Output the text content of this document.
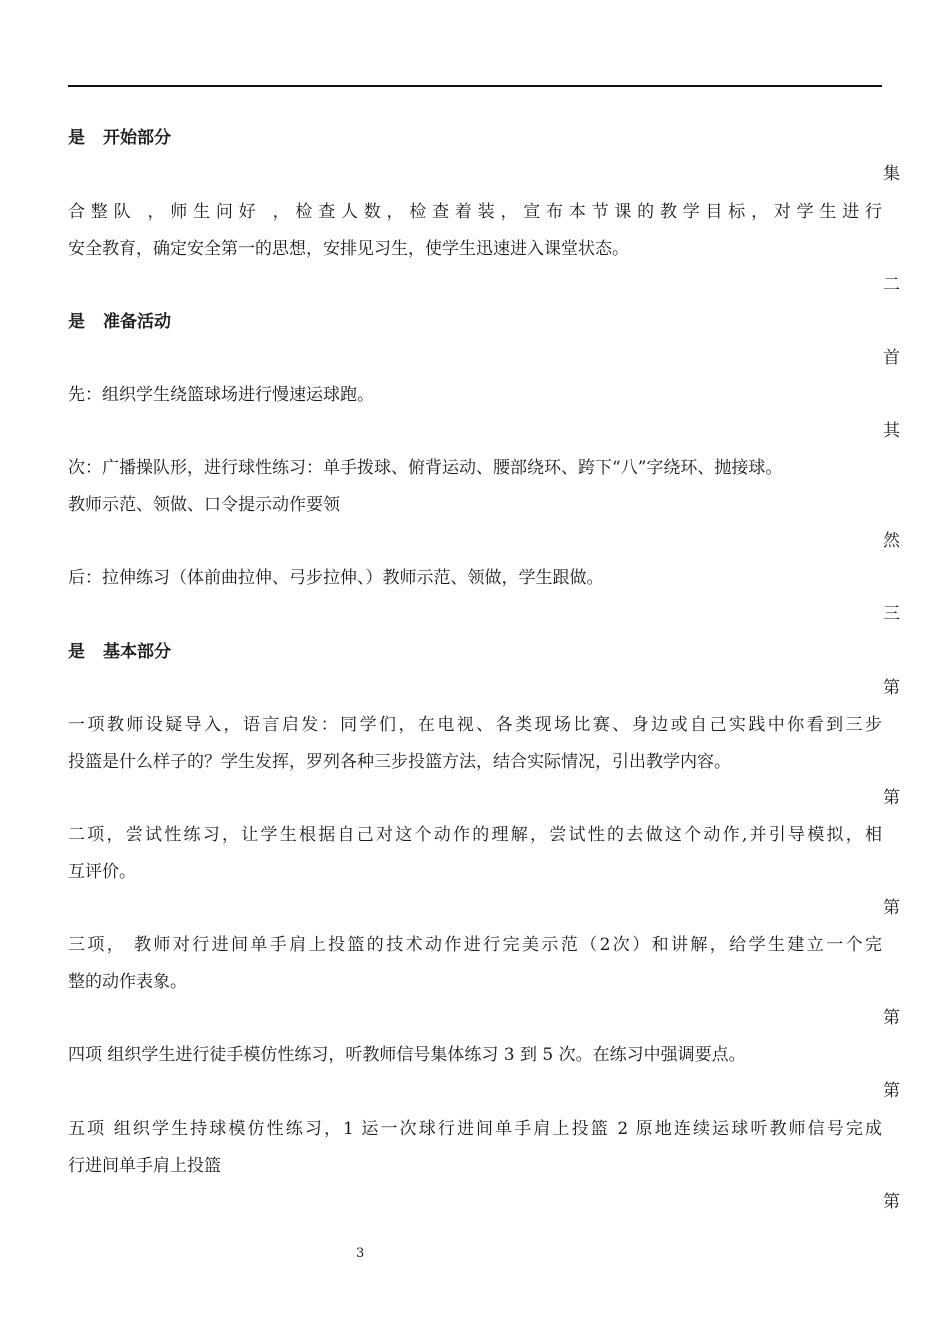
是 开始部分
集
合整队 ，师生问好 ，检查人数，检查着装，宣布本节课的教学目标，对学生进行
安全教育，确定安全第一的思想，安排见习生，使学生迅速进入课堂状态。
二
是 准备活动
首
先：组织学生绕篮球场进行慢速运球跑。
其
次：广播操队形，进行球性练习：单手拨球、俯背运动、腰部绕环、跨下“八”字绕环、抛接球。
教师示范、领做、口令提示动作要领
然
后：拉伸练习（体前曲拉伸、弓步拉伸、）教师示范、领做，学生跟做。
三
是 基本部分
第
一项教师设疑导入，语言启发：同学们，在电视、各类现场比赛、身边或自己实践中你看到三步
投篮是什么样子的？学生发挥，罗列各种三步投篮方法，结合实际情况，引出教学内容。
第
二项，尝试性练习，让学生根据自己对这个动作的理解，尝试性的去做这个动作,并引导模拟，相
互评价。
第
三项， 教师对行进间单手肩上投篮的技术动作进行完美示范（2次）和讲解，给学生建立一个完
整的动作表象。
第
四项 组织学生进行徒手模仿性练习，听教师信号集体练习 3 到 5 次。在练习中强调要点。
第
五项 组织学生持球模仿性练习，1 运一次球行进间单手肩上投篮 2 原地连续运球听教师信号完成
行进间单手肩上投篮
第
3
